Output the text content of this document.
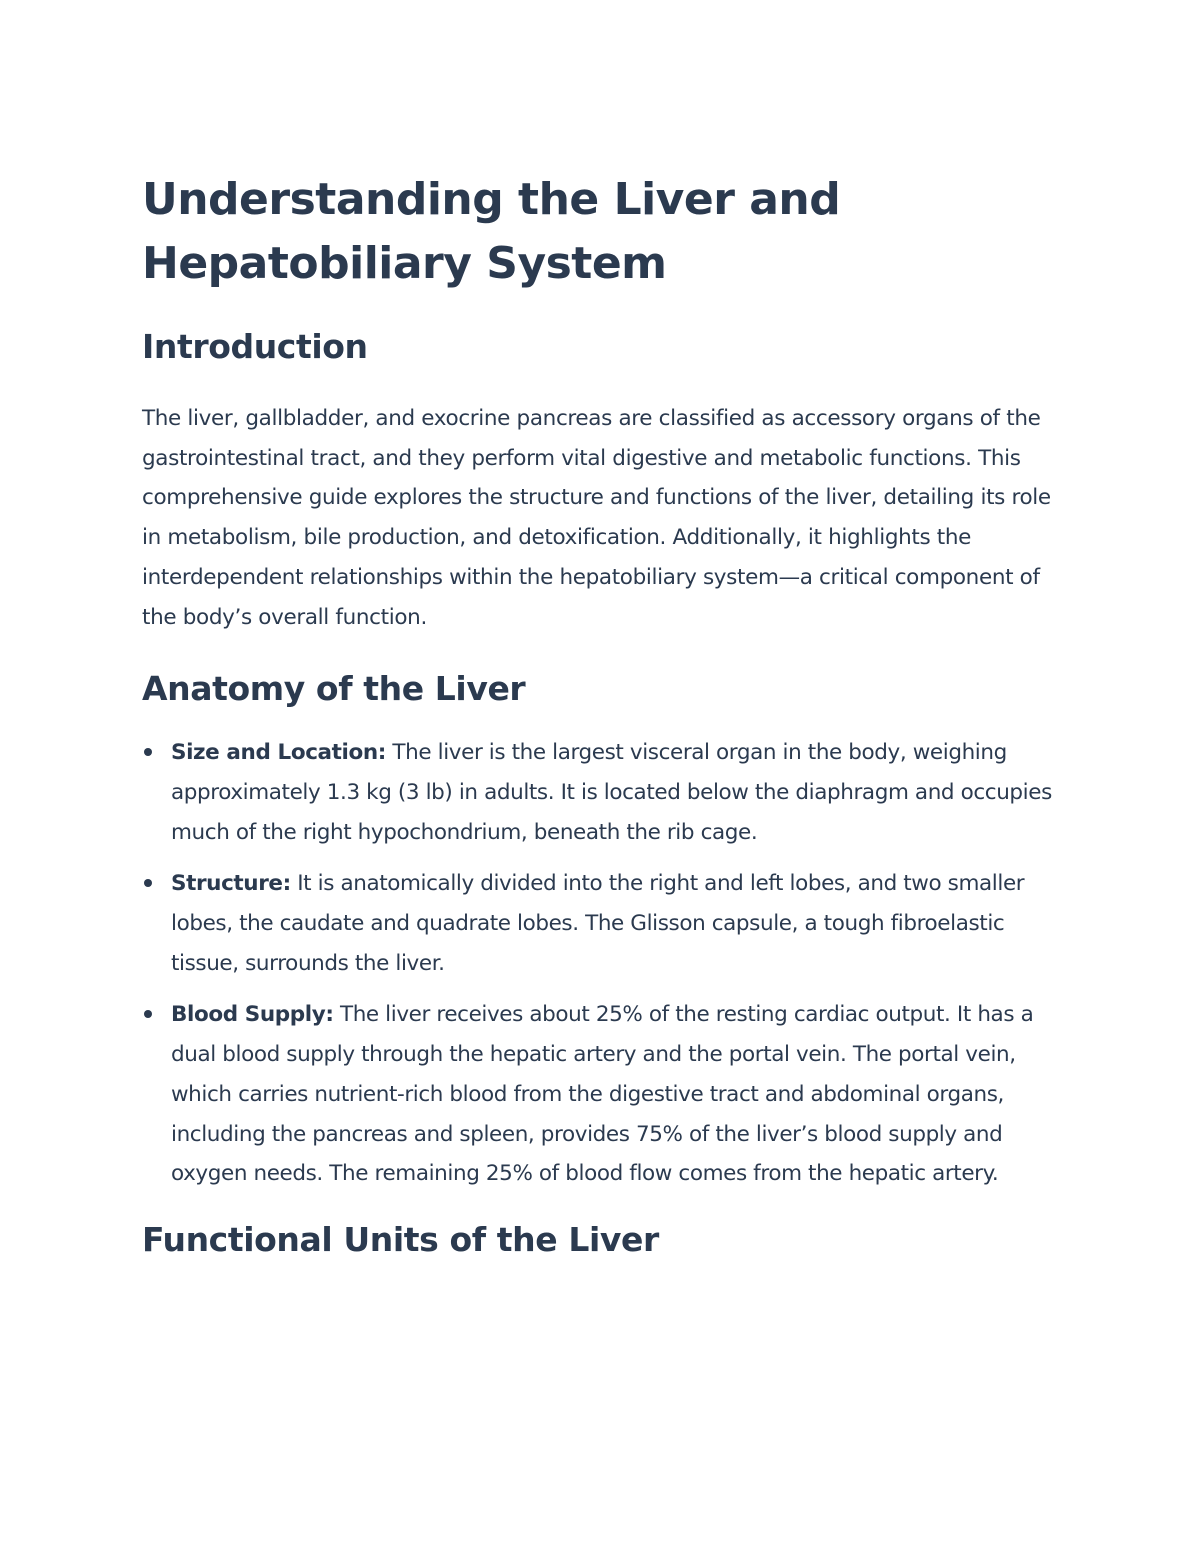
Understanding the Liver and Hepatobiliary System
Introduction

The liver, gallbladder, and exocrine pancreas are classified as accessory organs of the gastrointestinal tract, and they perform vital digestive and metabolic functions. This comprehensive guide explores the structure and functions of the liver, detailing its role in metabolism, bile production, and detoxification. Additionally, it highlights the interdependent relationships within the hepatobiliary system—a critical component of the body’s overall function.

Anatomy of the Liver
Size and Location: The liver is the largest visceral organ in the body, weighing approximately 1.3 kg (3 lb) in adults. It is located below the diaphragm and occupies much of the right hypochondrium, beneath the rib cage.
Structure: It is anatomically divided into the right and left lobes, and two smaller lobes, the caudate and quadrate lobes. The Glisson capsule, a tough fibroelastic tissue, surrounds the liver.
Blood Supply: The liver receives about 25% of the resting cardiac output. It has a dual blood supply through the hepatic artery and the portal vein. The portal vein, which carries nutrient-rich blood from the digestive tract and abdominal organs, including the pancreas and spleen, provides 75% of the liver’s blood supply and oxygen needs. The remaining 25% of blood flow comes from the hepatic artery.
Functional Units of the Liver
